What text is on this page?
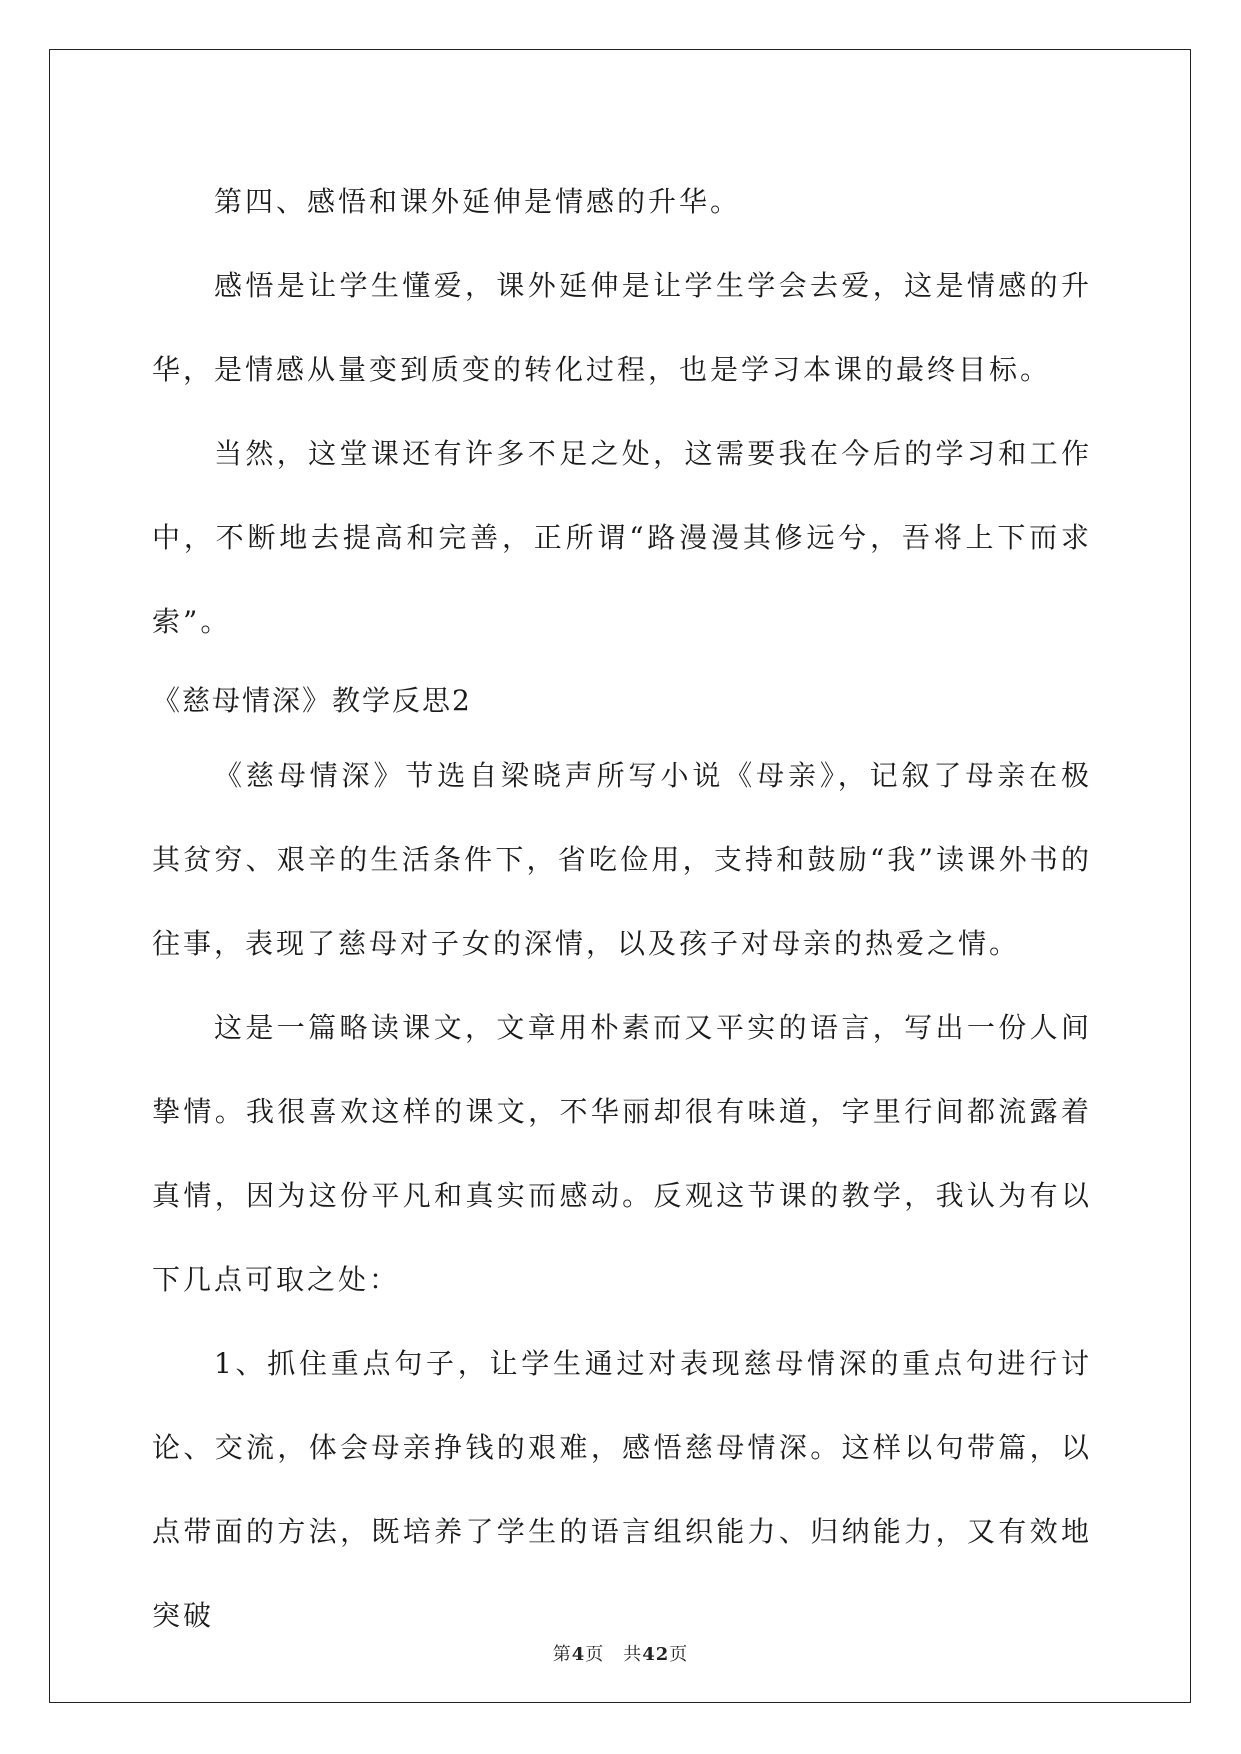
第四、感悟和课外延伸是情感的升华。

感悟是让学生懂爱，课外延伸是让学生学会去爱，这是情感的升华，是情感从量变到质变的转化过程，也是学习本课的最终目标。

当然，这堂课还有许多不足之处，这需要我在今后的学习和工作中，不断地去提高和完善，正所谓“路漫漫其修远兮，吾将上下而求索”。

《慈母情深》教学反思2

《慈母情深》节选自梁晓声所写小说《母亲》，记叙了母亲在极其贫穷、艰辛的生活条件下，省吃俭用，支持和鼓励“我”读课外书的往事，表现了慈母对子女的深情，以及孩子对母亲的热爱之情。

这是一篇略读课文，文章用朴素而又平实的语言，写出一份人间挚情。我很喜欢这样的课文，不华丽却很有味道，字里行间都流露着真情，因为这份平凡和真实而感动。反观这节课的教学，我认为有以下几点可取之处：

1、抓住重点句子，让学生通过对表现慈母情深的重点句进行讨论、交流，体会母亲挣钱的艰难，感悟慈母情深。这样以句带篇，以点带面的方法，既培养了学生的语言组织能力、归纳能力，又有效地突破

第4页　共42页
